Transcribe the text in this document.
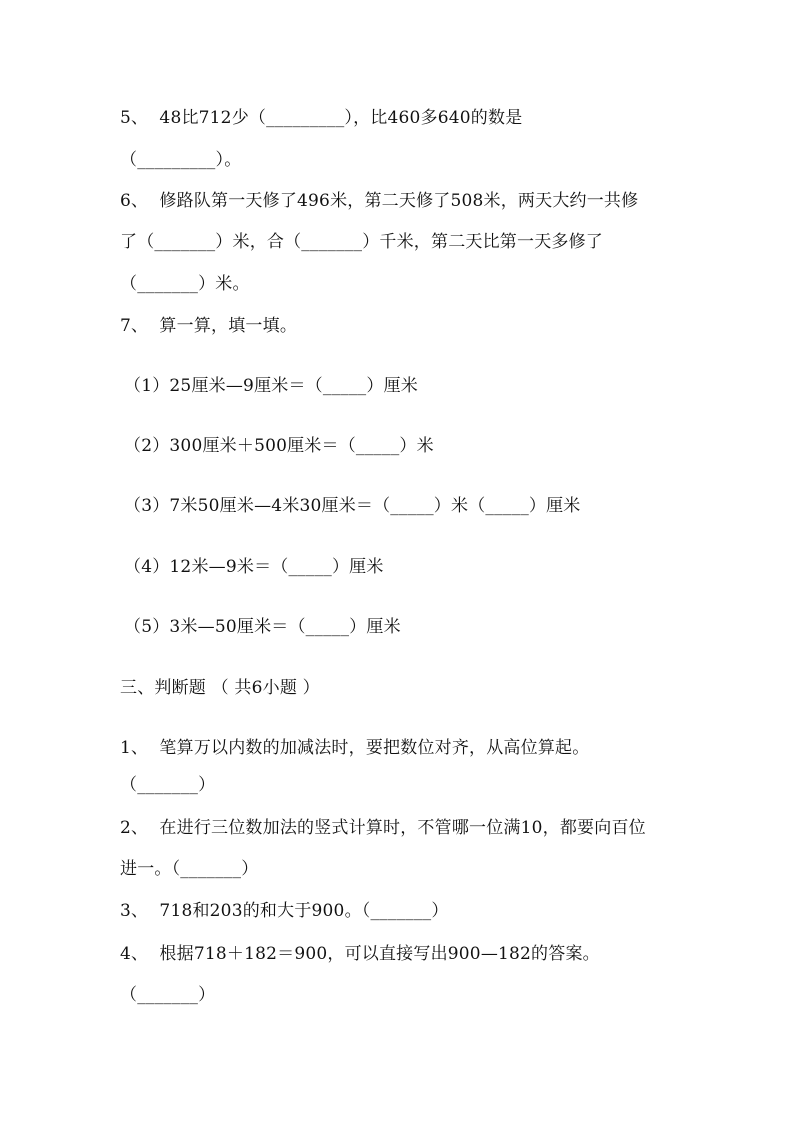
5、  48比712少（_________），比460多640的数是
（_________）。
6、  修路队第一天修了496米，第二天修了508米，两天大约一共修
了（_______）米，合（_______）千米，第二天比第一天多修了
（_______）米。
7、  算一算，填一填。
（1）25厘米—9厘米＝（_____）厘米
（2）300厘米＋500厘米＝（_____）米
（3）7米50厘米—4米30厘米＝（_____）米（_____）厘米
（4）12米—9米＝（_____）厘米
（5）3米—50厘米＝（_____）厘米
三、判断题 （ 共6小题 ）
1、  笔算万以内数的加减法时，要把数位对齐，从高位算起。
（_______）
2、  在进行三位数加法的竖式计算时，不管哪一位满10，都要向百位
进一。（_______）
3、  718和203的和大于900。（_______）
4、  根据718＋182＝900，可以直接写出900—182的答案。
（_______）
